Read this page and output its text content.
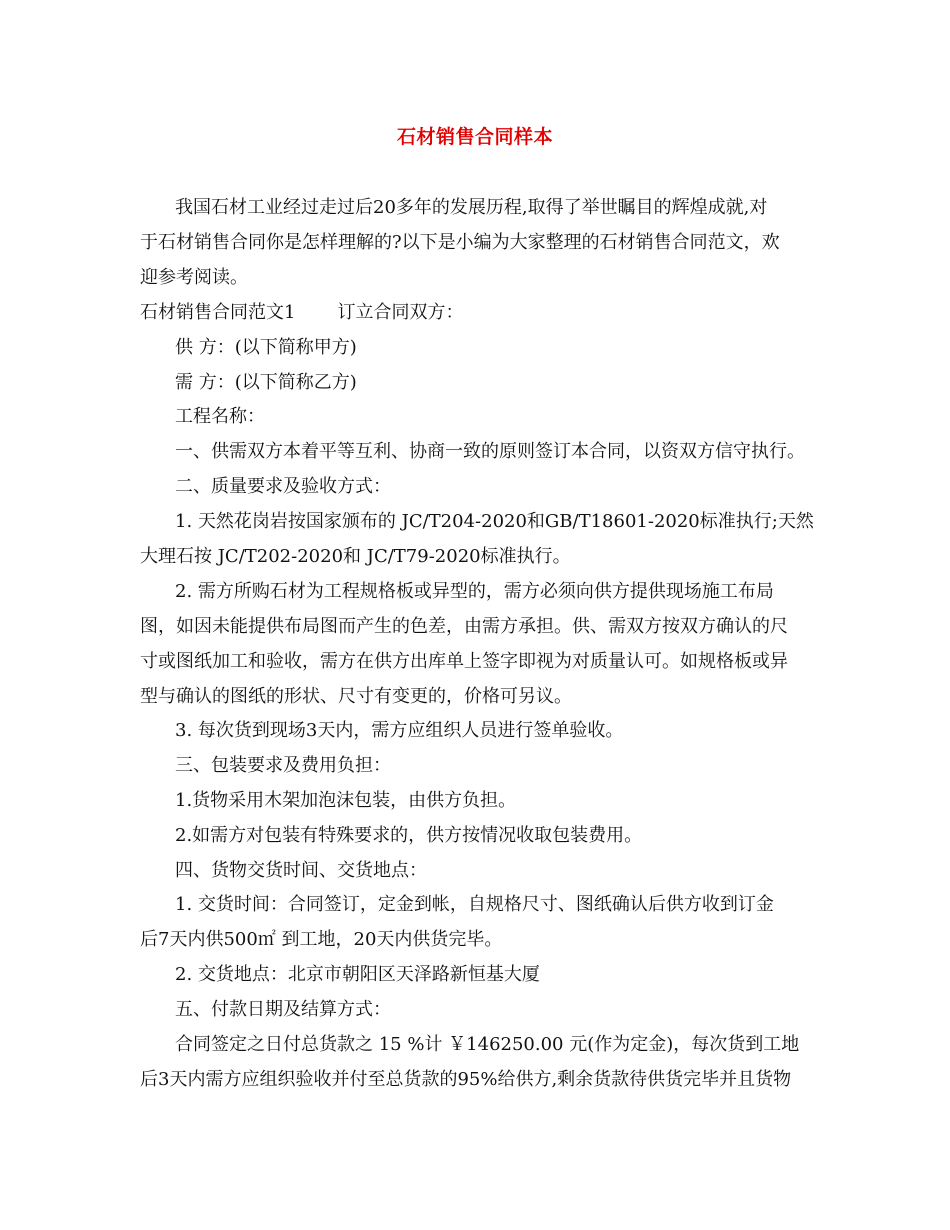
石材销售合同样本
我国石材工业经过走过后20多年的发展历程,取得了举世瞩目的辉煌成就,对
于石材销售合同你是怎样理解的?以下是小编为大家整理的石材销售合同范文，欢
迎参考阅读。
石材销售合同范文1 订立合同双方：
供 方：(以下简称甲方)
需 方：(以下简称乙方)
工程名称：
一、供需双方本着平等互利、协商一致的原则签订本合同，以资双方信守执行。
二、质量要求及验收方式：
1. 天然花岗岩按国家颁布的 JC/T204-2020和GB/T18601-2020标准执行;天然
大理石按 JC/T202-2020和 JC/T79-2020标准执行。
2. 需方所购石材为工程规格板或异型的，需方必须向供方提供现场施工布局
图，如因未能提供布局图而产生的色差，由需方承担。供、需双方按双方确认的尺
寸或图纸加工和验收，需方在供方出库单上签字即视为对质量认可。如规格板或异
型与确认的图纸的形状、尺寸有变更的，价格可另议。
3. 每次货到现场3天内，需方应组织人员进行签单验收。
三、包装要求及费用负担：
1.货物采用木架加泡沫包装，由供方负担。
2.如需方对包装有特殊要求的，供方按情况收取包装费用。
四、货物交货时间、交货地点：
1. 交货时间：合同签订，定金到帐，自规格尺寸、图纸确认后供方收到订金
后7天内供500㎡ 到工地，20天内供货完毕。
2. 交货地点：北京市朝阳区天泽路新恒基大厦
五、付款日期及结算方式：
合同签定之日付总货款之 15 %计 ￥146250.00 元(作为定金)，每次货到工地
后3天内需方应组织验收并付至总货款的95%给供方,剩余货款待供货完毕并且货物
